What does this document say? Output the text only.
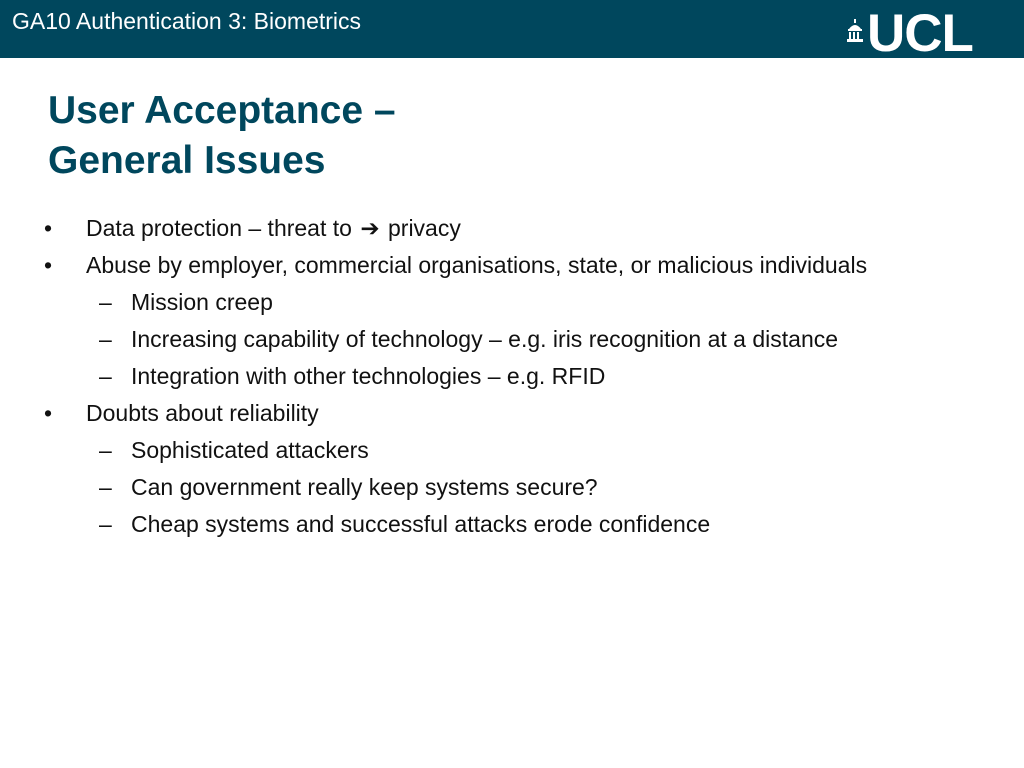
GA10 Authentication 3: Biometrics	UCL
User Acceptance –
General Issues
• Data protection – threat to ➔ privacy
• Abuse by employer, commercial organisations, state, or malicious individuals
– Mission creep
– Increasing capability of technology – e.g. iris recognition at a distance
– Integration with other technologies – e.g. RFID
• Doubts about reliability
– Sophisticated attackers
– Can government really keep systems secure?
– Cheap systems and successful attacks erode confidence
